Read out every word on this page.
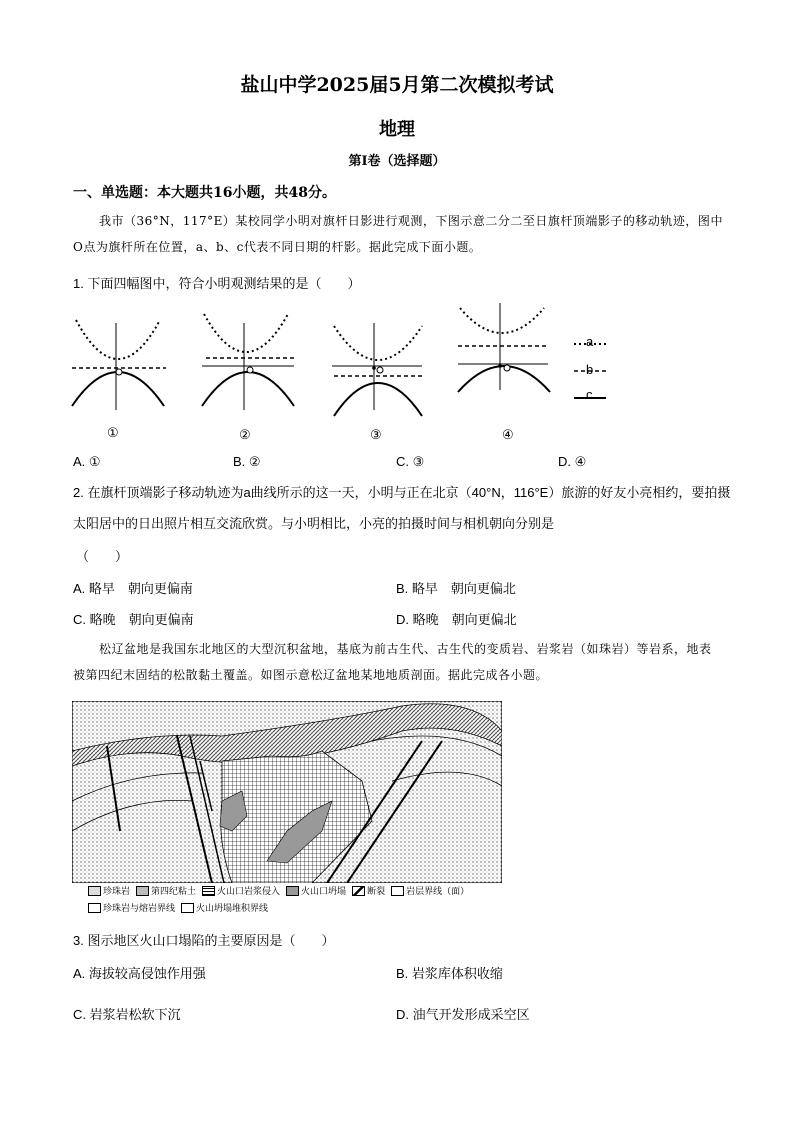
盐山中学2025届5月第二次模拟考试
地理
第I卷（选择题）
一、单选题：本大题共16小题，共48分。
我市（36°N，117°E）某校同学小明对旗杆日影进行观测，下图示意二分二至日旗杆顶端影子的移动轨迹，图中O点为旗杆所在位置，a、b、c代表不同日期的杆影。据此完成下面小题。
1. 下面四幅图中，符合小明观测结果的是（　　）
a
b
c
①	②	③	④
A. ①	B. ②	C. ③	D. ④
2. 在旗杆顶端影子移动轨迹为a曲线所示的这一天，小明与正在北京（40°N，116°E）旅游的好友小亮相约，要拍摄太阳居中的日出照片相互交流欣赏。与小明相比，小亮的拍摄时间与相机朝向分别是
（　　）
A. 略早　朝向更偏南	B. 略早　朝向更偏北
C. 略晚　朝向更偏南	D. 略晚　朝向更偏北
松辽盆地是我国东北地区的大型沉积盆地，基底为前古生代、古生代的变质岩、岩浆岩（如珠岩）等岩系，地表被第四纪末固结的松散黏土覆盖。如图示意松辽盆地某地地质剖面。据此完成各小题。
珍珠岩 第四纪粘土 火山口岩浆侵入 火山口坍塌 断裂 岩层界线（面）
珍珠岩与熔岩界线 火山坍塌堆积界线
3. 图示地区火山口塌陷的主要原因是（　　）
A. 海拔较高侵蚀作用强	B. 岩浆库体积收缩
C. 岩浆岩松软下沉	D. 油气开发形成采空区
